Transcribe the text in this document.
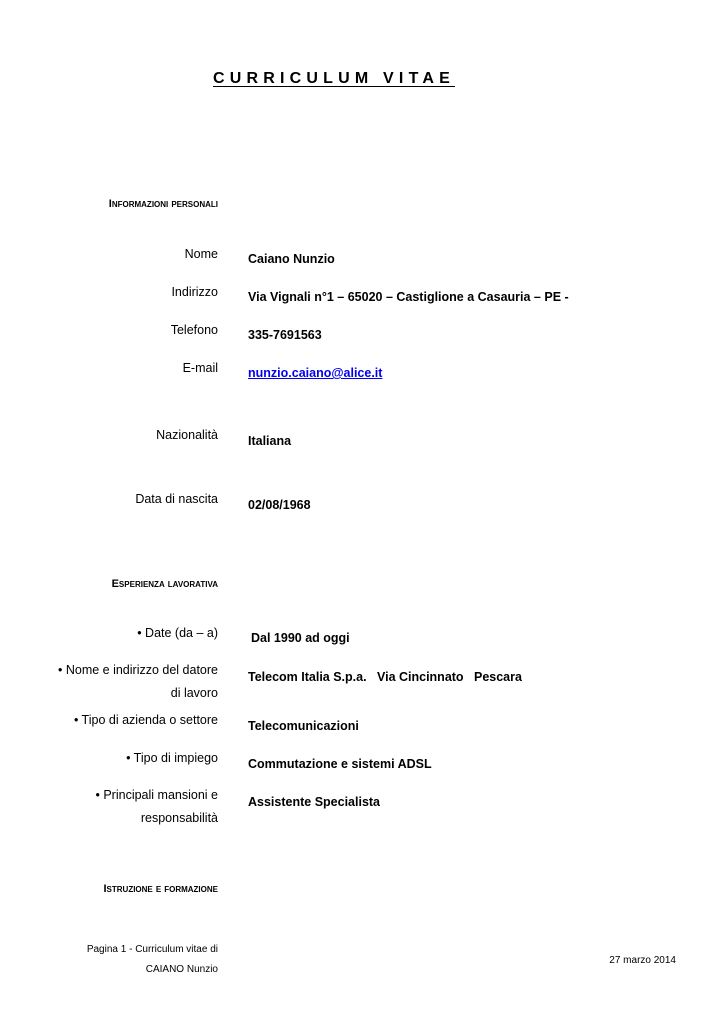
CURRICULUM VITAE
Informazioni personali
Nome Caiano Nunzio
Indirizzo Via Vignali n°1 – 65020 – Castiglione a Casauria – PE -
Telefono 335-7691563
E-mail nunzio.caiano@alice.it
Nazionalità Italiana
Data di nascita 02/08/1968
Esperienza lavorativa
• Date (da – a)	Dal 1990 ad oggi
• Nome e indirizzo del datore
di lavoro
Telecom Italia S.p.a.   Via Cincinnato   Pescara
• Tipo di azienda o settore Telecomunicazioni
• Tipo di impiego Commutazione e sistemi ADSL
• Principali mansioni e
responsabilità
Assistente Specialista
Istruzione e formazione
Pagina 1 - Curriculum vitae di
CAIANO Nunzio
27 marzo 2014
